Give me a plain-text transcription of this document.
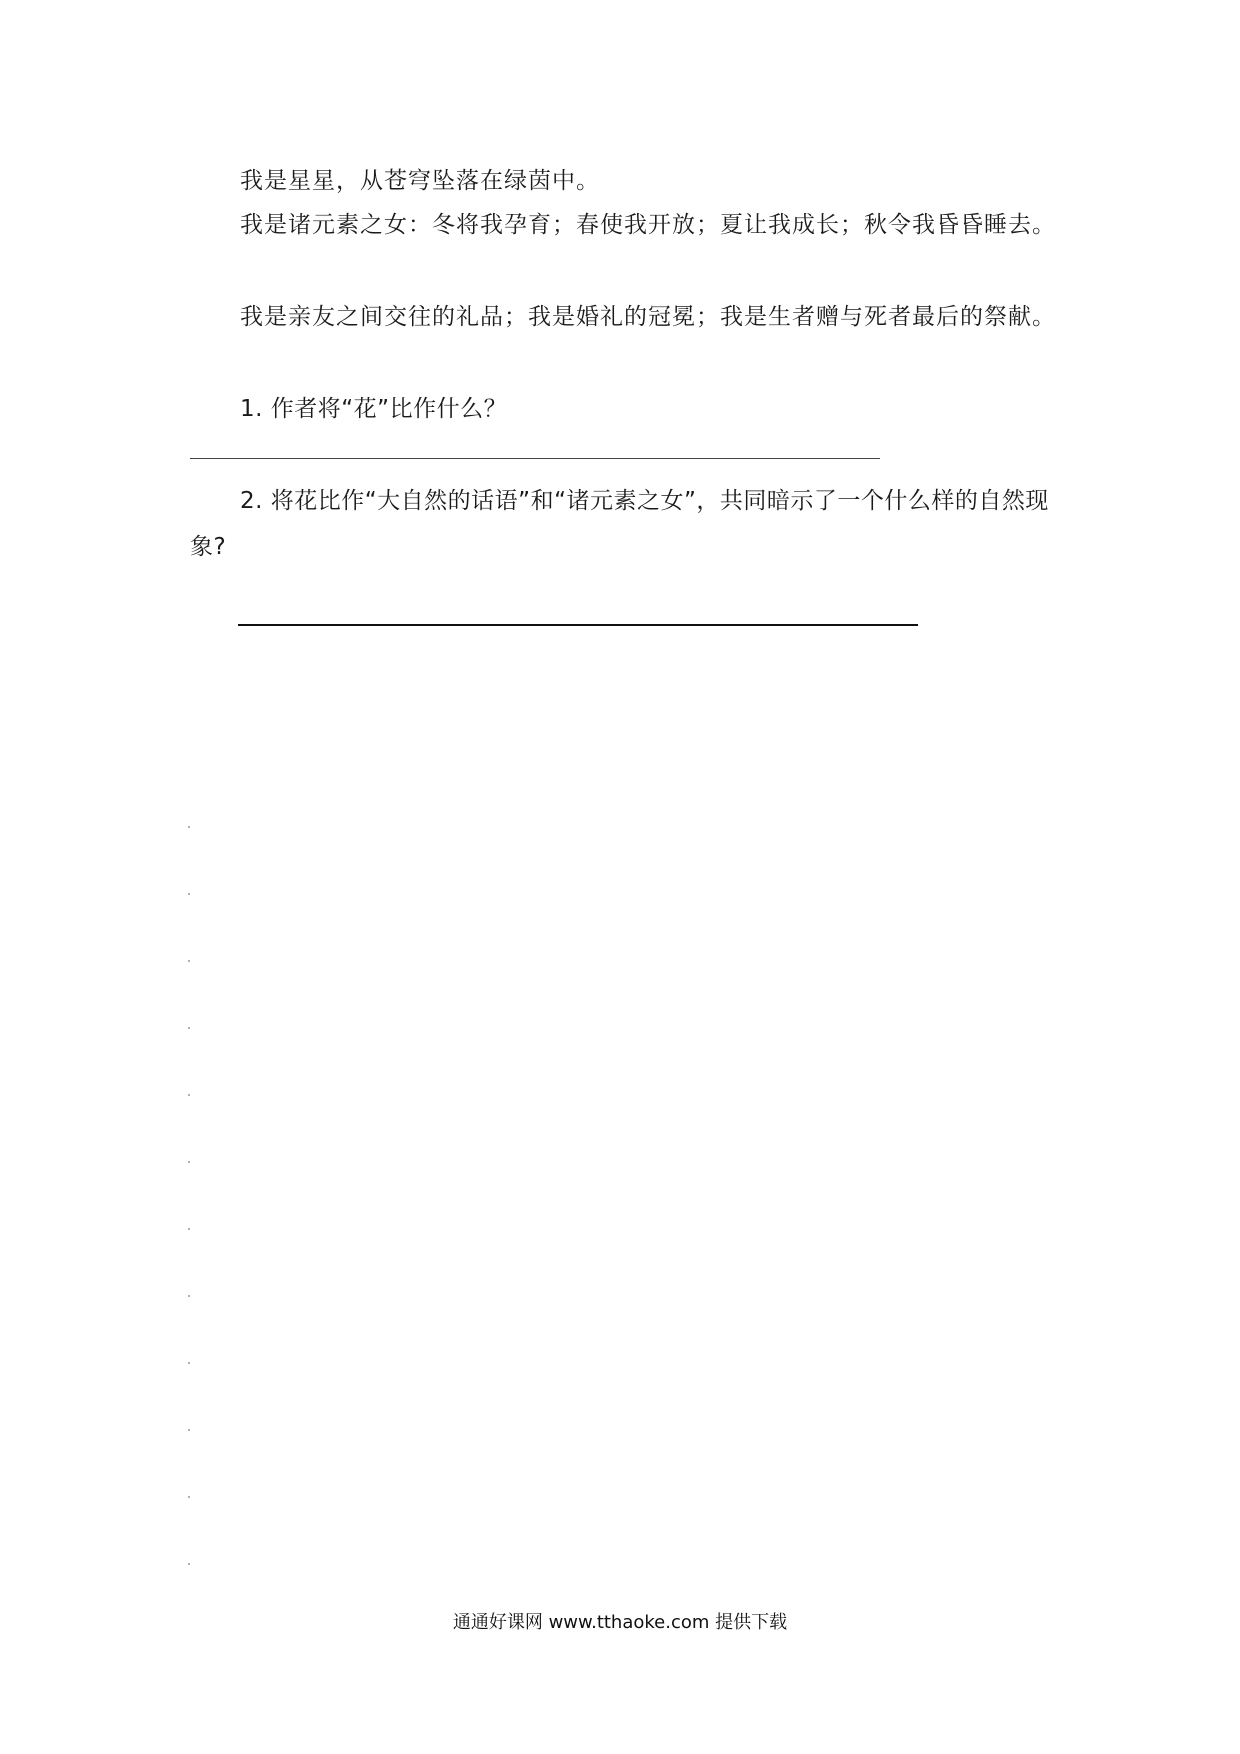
我是星星，从苍穹坠落在绿茵中。

我是诸元素之女：冬将我孕育；春使我开放；夏让我成长；秋令我昏昏睡去。

我是亲友之间交往的礼品；我是婚礼的冠冕；我是生者赠与死者最后的祭献。

1. 作者将“花”比作什么？

2. 将花比作“大自然的话语”和“诸元素之女”，共同暗示了一个什么样的自然现象?

通通好课网 www.tthaoke.com 提供下载
